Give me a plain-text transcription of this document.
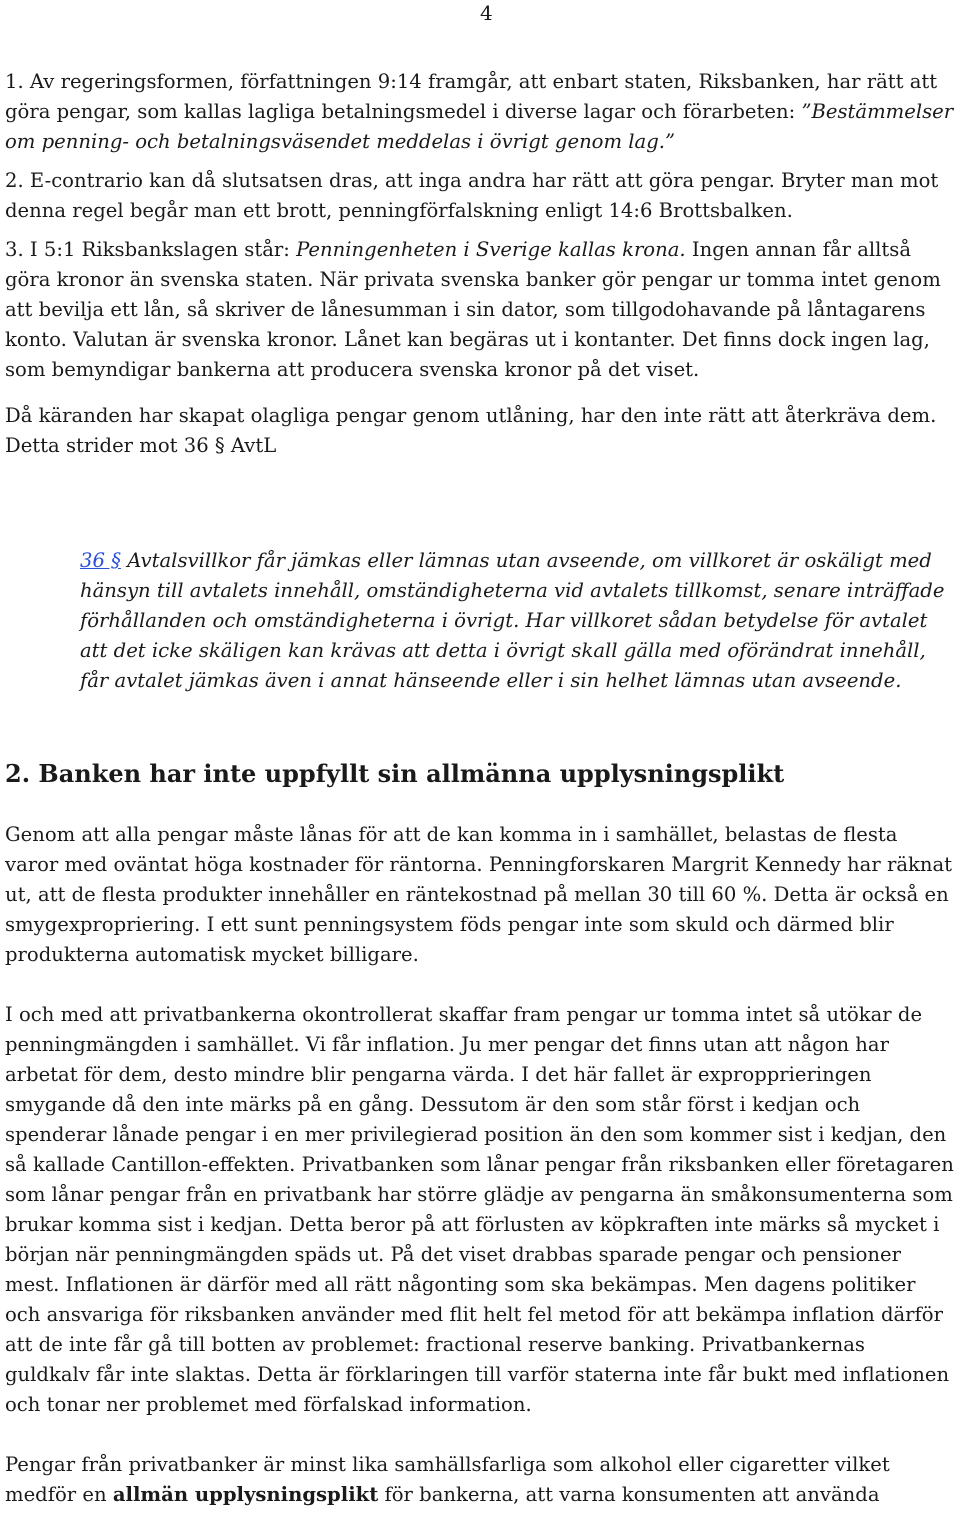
4

1. Av regeringsformen, författningen 9:14 framgår, att enbart staten, Riksbanken, har rätt att göra pengar, som kallas lagliga betalningsmedel i diverse lagar och förarbeten: ”Bestämmelser om penning- och betalningsväsendet meddelas i övrigt genom lag.”

2. E-contrario kan då slutsatsen dras, att inga andra har rätt att göra pengar. Bryter man mot denna regel begår man ett brott, penningförfalskning enligt 14:6 Brottsbalken.

3. I 5:1 Riksbankslagen står: Penningenheten i Sverige kallas krona. Ingen annan får alltså göra kronor än svenska staten. När privata svenska banker gör pengar ur tomma intet genom att bevilja ett lån, så skriver de lånesumman i sin dator, som tillgodohavande på låntagarens konto. Valutan är svenska kronor. Lånet kan begäras ut i kontanter. Det finns dock ingen lag, som bemyndigar bankerna att producera svenska kronor på det viset.

Då käranden har skapat olagliga pengar genom utlåning, har den inte rätt att återkräva dem. Detta strider mot 36 § AvtL

36 § Avtalsvillkor får jämkas eller lämnas utan avseende, om villkoret är oskäligt med hänsyn till avtalets innehåll, omständigheterna vid avtalets tillkomst, senare inträffade förhållanden och omständigheterna i övrigt. Har villkoret sådan betydelse för avtalet att det icke skäligen kan krävas att detta i övrigt skall gälla med oförändrat innehåll, får avtalet jämkas även i annat hänseende eller i sin helhet lämnas utan avseende.

2. Banken har inte uppfyllt sin allmänna upplysningsplikt

Genom att alla pengar måste lånas för att de kan komma in i samhället, belastas de flesta varor med oväntat höga kostnader för räntorna. Penningforskaren Margrit Kennedy har räknat ut, att de flesta produkter innehåller en räntekostnad på mellan 30 till 60 %. Detta är också en smygexpropriering. I ett sunt penningsystem föds pengar inte som skuld och därmed blir produkterna automatisk mycket billigare.

I och med att privatbankerna okontrollerat skaffar fram pengar ur tomma intet så utökar de penningmängden i samhället. Vi får inflation. Ju mer pengar det finns utan att någon har arbetat för dem, desto mindre blir pengarna värda. I det här fallet är expropprieringen smygande då den inte märks på en gång. Dessutom är den som står först i kedjan och spenderar lånade pengar i en mer privilegierad position än den som kommer sist i kedjan, den så kallade Cantillon-effekten. Privatbanken som lånar pengar från riksbanken eller företagaren som lånar pengar från en privatbank har större glädje av pengarna än småkonsumenterna som brukar komma sist i kedjan. Detta beror på att förlusten av köpkraften inte märks så mycket i början när penningmängden späds ut. På det viset drabbas sparade pengar och pensioner mest. Inflationen är därför med all rätt någonting som ska bekämpas. Men dagens politiker och ansvariga för riksbanken använder med flit helt fel metod för att bekämpa inflation därför att de inte får gå till botten av problemet: fractional reserve banking. Privatbankernas guldkalv får inte slaktas. Detta är förklaringen till varför staterna inte får bukt med inflationen och tonar ner problemet med förfalskad information.

Pengar från privatbanker är minst lika samhällsfarliga som alkohol eller cigaretter vilket medför en allmän upplysningsplikt för bankerna, att varna konsumenten att använda
